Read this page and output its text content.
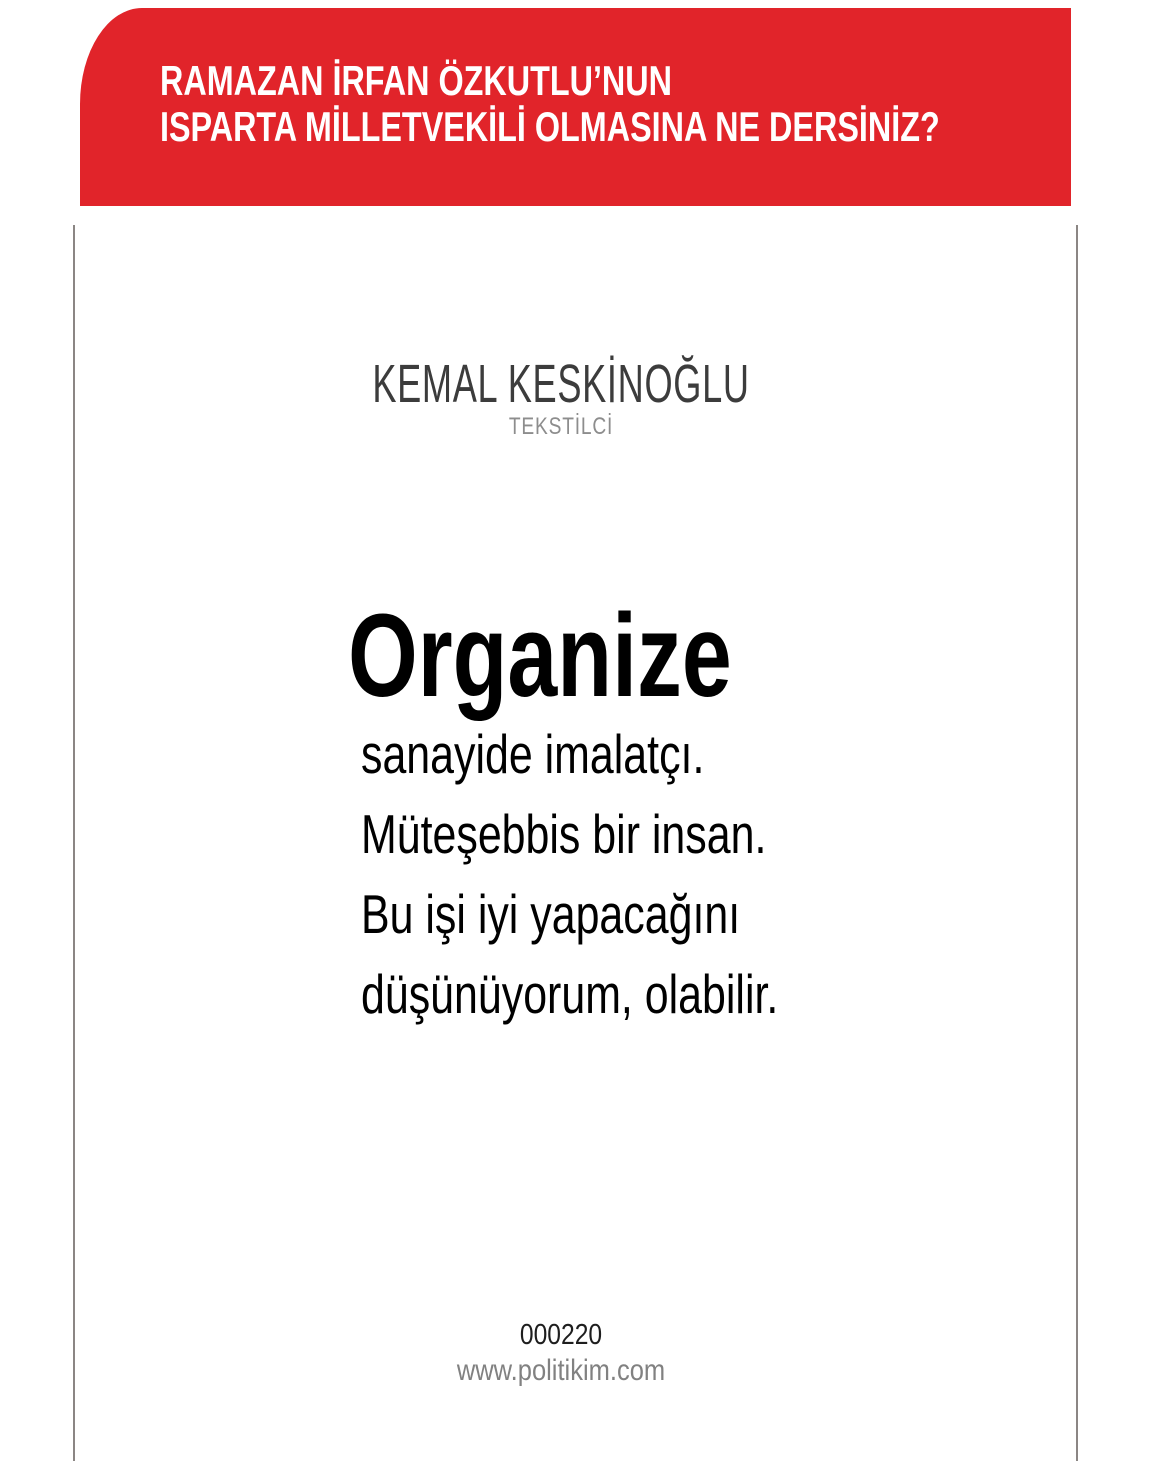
RAMAZAN İRFAN ÖZKUTLU’NUN
ISPARTA MİLLETVEKİLİ OLMASINA NE DERSİNİZ?
KEMAL KESKİNOĞLU
TEKSTİLCİ
Organize
sanayide imalatçı.
Müteşebbis bir insan.
Bu işi iyi yapacağını
düşünüyorum, olabilir.
000220
www.politikim.com
